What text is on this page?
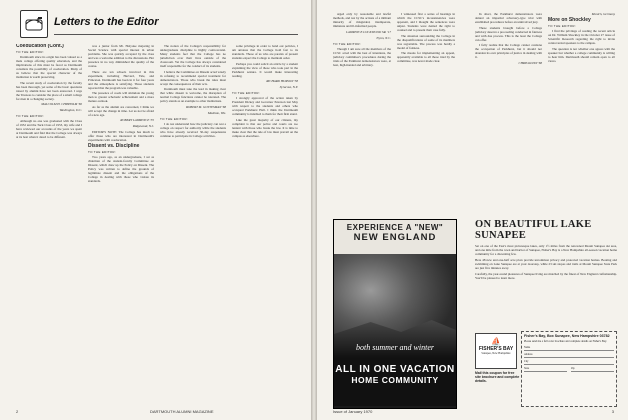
Letters to the Editor
Coeducation (Cont.)
TO THE EDITOR:

Dartmouth since its origin has been valued as a male college offering quality education, and the implications of this must be faced as Dartmouth considers the possibility of coeducation. Many of us believe that the special character of the institution is worth preserving.

The recent study of coeducation by the faculty has been thorough, yet some of the basic questions raised by alumni have not been answered. I urge the Trustees to consider the place of a small college for men in a changing society.

MALCOLM H. CHISHOLM '60
Washington, D.C.
TO THE EDITOR:

Although no one was graduated with the Class of 1952 and the Tuck Class of 1953, my wife and I have reviewed our accounts of the years we spent at Dartmouth and find that the College was always at its best when it dared to be different.

was a junior from Mt. Holyoke majoring in Social Science with special interest in urban problems. She was quickly accepted by the class and was a welcome addition to the discussions. Her presence in no way diminished the quality of the course.

There are ten schools involved in this experiment, including Harvard, Yale, and Princeton. Dartmouth has been in it for four years and the atmosphere is satisfying. Those students reported that the program was valuable.

The presence of coeds will stimulate the young men to greater scholastic achievement and a more mature outlook.

As far as the alumni are concerned, I think we will accept the change in time. Let us not be afraid of a new age.

ROBERT LAWRENCE '35
Ridgewood, N.J.

EDITOR'S NOTE: The College has much to offer those who are interested in Dartmouth's experiments with coeducation.

Dissent vs. Discipline
TO THE EDITOR:

Two years ago, as an undergraduate, I sat as chairman of the student-faculty Committee on Dissent, which drew up the Policy on Dissent. The Policy was written to define the grounds of legitimate dissent and the obligations of the College in dealing with those who violate its standards.

The notion of the College's responsibility for undergraduate discipline is highly controversial. Many students feel that the College has no jurisdiction over their lives outside of the classroom. Yet the College has always considered itself responsible for the conduct of its students.

I believe the Committee on Dissent acted wisely in refusing to recommend special treatment for demonstrators. Those who break the rules must accept the consequences of their acts.

Dartmouth must take the lead in making clear that while dissent is welcome, the disruption of normal College functions cannot be tolerated. The policy stands as an example to other institutions.

ROBERT M. GOTTESMAN '68
Madison, Wis.
TO THE EDITOR:

I do not understand how the judiciary can rest a college on respect for authority while the students who have already received 30-day suspensions continue to participate in College activities.

some privilege in order to bend our policies, I am anxious that the College hold fast to its standards. Those of us who are parents of present students expect the College to maintain order.

Perhaps you could solicit an article by a student explaining the view of those who took part in the Parkhurst seizure. It would make interesting reading.

RICHARD HURSON '58
Syracuse, N.Y.
TO THE EDITOR:

I strongly approved of the action taken by President Dickey and Governor Peterson last May with respect to the students and others who occupied Parkhurst Hall. I think the Dartmouth community is indebted to them for their firm stand.

Like the great majority of our citizens, my complaint is that our police and courts are too lenient with those who break the law. It is time to make clear that the rule of law must prevail on the campus as elsewhere.

2	DARTMOUTH ALUMNI MAGAZINE

urged only by reasonable and lawful methods, and not by the actions of a militant minority of misguided, intemperate, immature and ill-informed people.

LAWRENCE LOCKWOOD SR. '17
Tryon, N.C.
TO THE EDITOR:

Though I am sure all the members of the CCSC acted with the best of intentions, the judiciary committee's procedures during the trials of the Parkhurst demonstrators were, at best, high-handed and arbitrary.

I witnessed first a series of hearings in which the CCSC's inconsistencies were apparent, and I thought the sentences were unjust. Students were denied the right to counsel and to present their case fully.

The situation surrounding the College in the disqualifications of some of its members was regrettable. The process was hardly a model of fairness.

The means for implementing an appeal, apparently available to all those tried by the committee, was never made clear.

In short, the Parkhurst demonstrators were denied an impartial adversary-type trial with established procedures before an uninvolved jury.

These students brought before a College judiciary deserve a proceeding conducted in fairness and with due process. This is the least the College can offer.

I fully realize that the College cannot condone the occupation of Parkhurst, but it should not abandon its own principles of justice in dealing with it.

CHRIS KLEIN '68
Munich, Germany
More on Shockley
TO THE EDITOR:

I find the privilege of reading the recent article on Dr. William Shockley in the October 27 issue of Scientific Research regarding the right to invite controversial speakers to the campus.

The question is not whether one agrees with the speaker but whether a college community is willing to hear him. Dartmouth should remain open to all views.

EXPERIENCE A "NEW"
NEW ENGLAND
both summer and winter
ALL IN ONE VACATION
HOME COMMUNITY
ON BEAUTIFUL LAKE SUNAPEE

Set on one of the East's most picturesque lakes, only 1½ miles from the renowned Mount Sunapee ski area, and one mile from the town and harbor of Sunapee, Fisher's Bay is a New Hampshire all-season vacation home community for a discerning few.

Here 48 new and one-half acre plots provide uncommon privacy and protected vacation homes. Boating and swimming on Lake Sunapee are at your doorstep, while 23 ski slopes and trails at Mount Sunapee State Park are just five minutes away.

Carefully, the year-round pleasures of Sunapee living are matched by the finest of New England craftsmanship. You'll be pleased to learn more.

⛵
FISHER'S BAY
Sunapee, New Hampshire
Mail this coupon for free site brochure and complete details.
Fisher's Bay, Box Sunapee, New Hampshire 03782
Please send me a full color brochure and complete details on Fisher's Bay.
Name
Address
City
State	Zip
Issue of January 1970	3
